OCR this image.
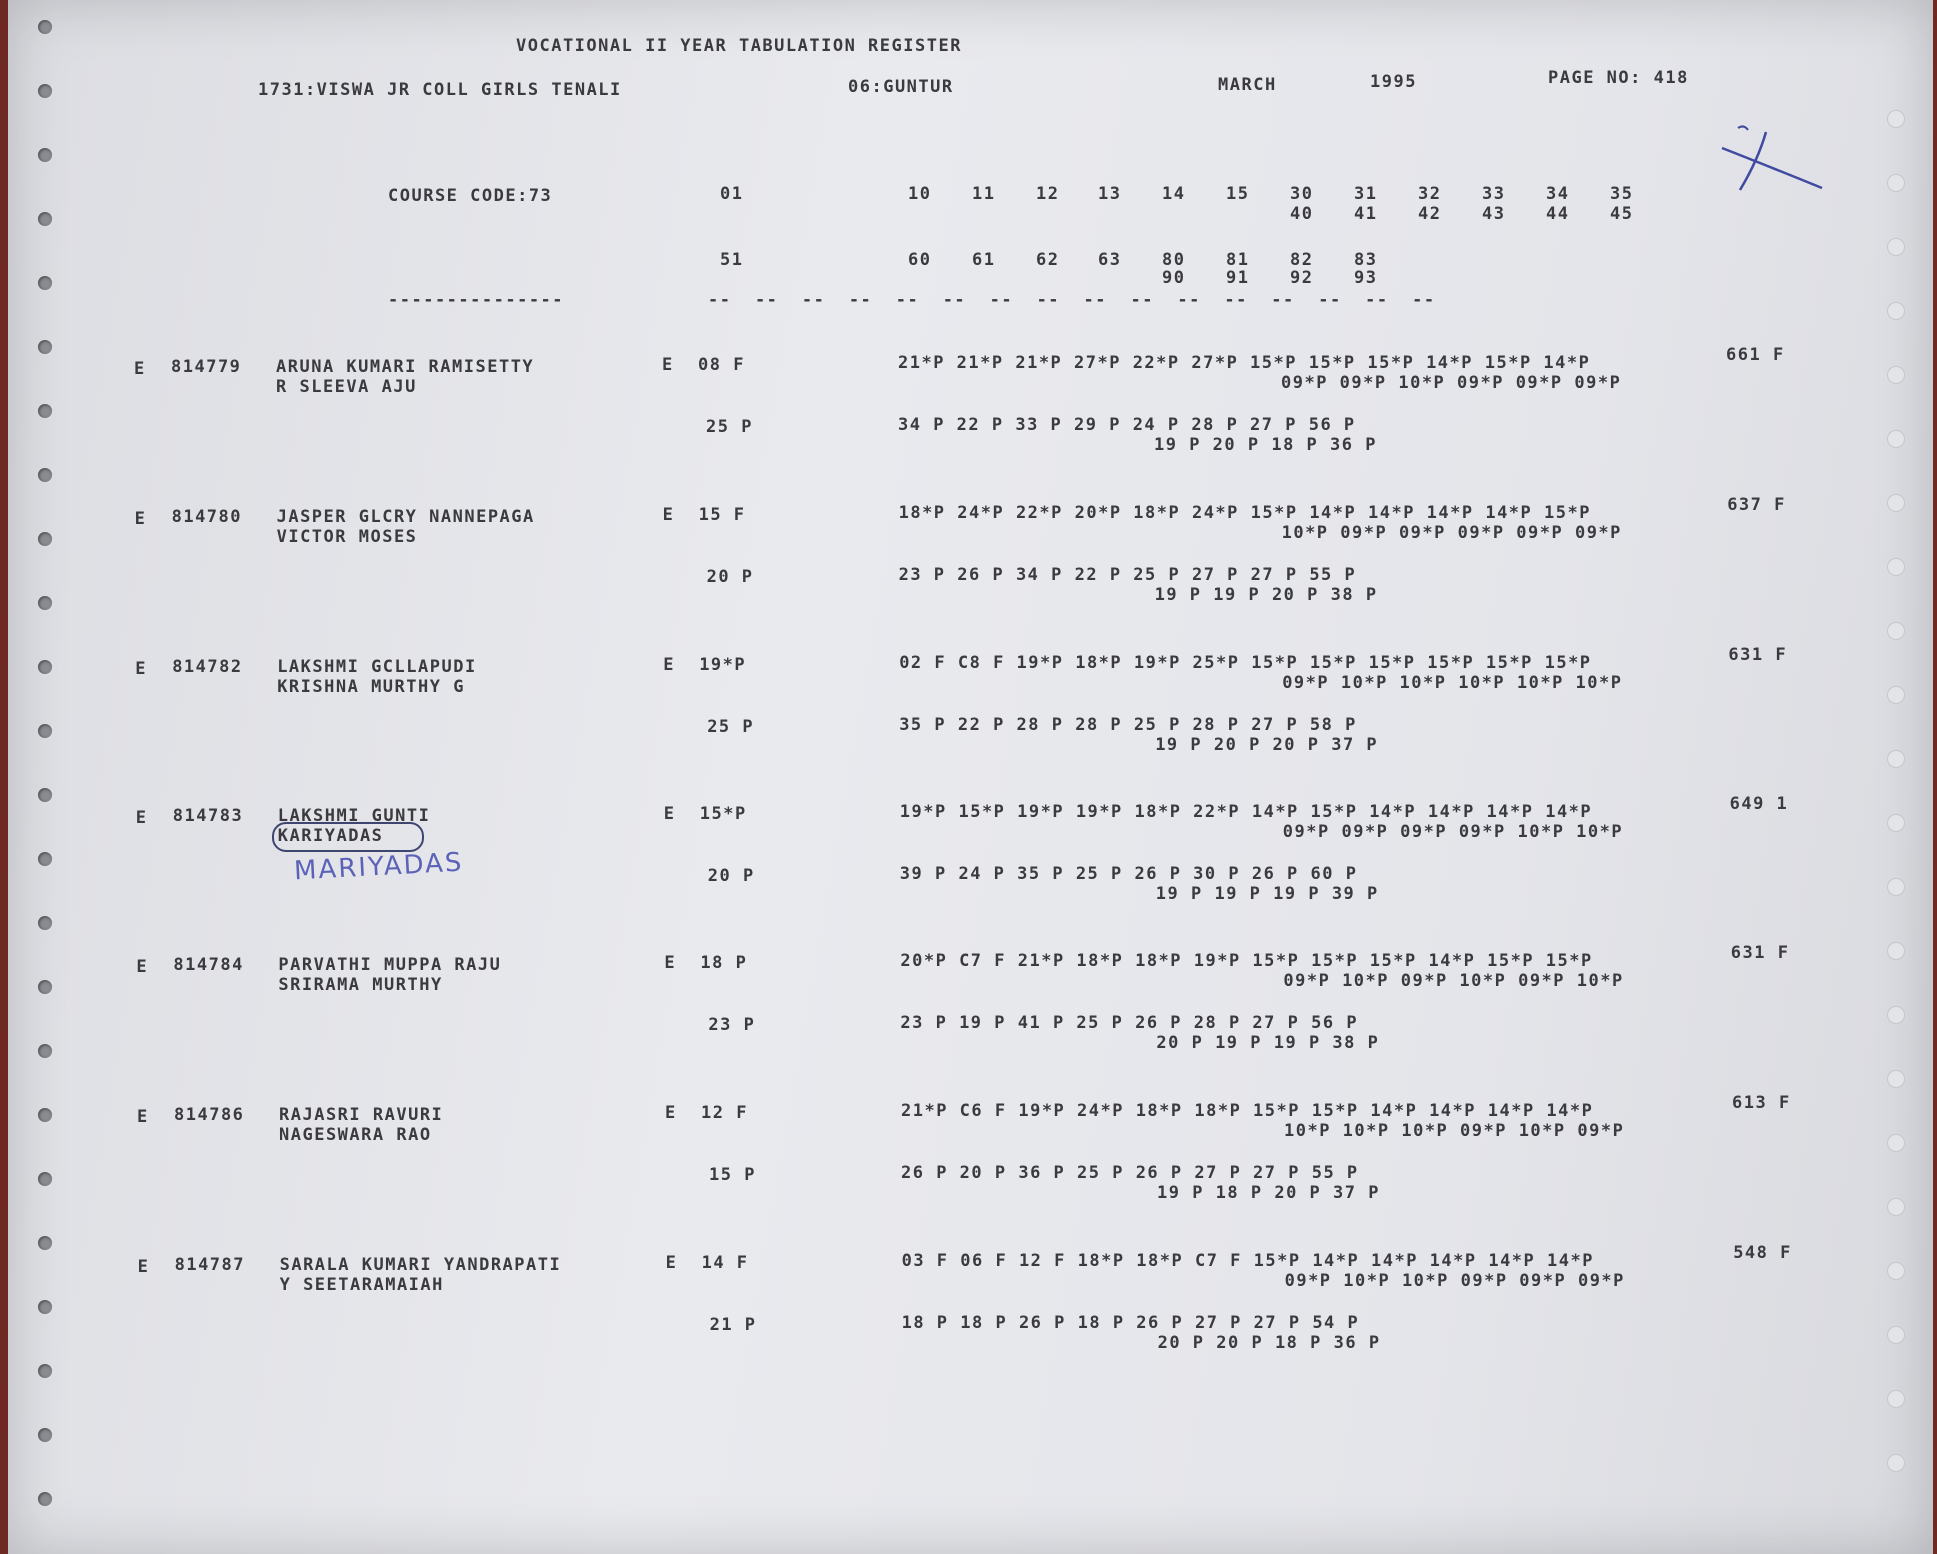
VOCATIONAL II YEAR TABULATION REGISTER
1731:VISWA JR COLL GIRLS TENALI	06:GUNTUR	MARCH	1995	PAGE NO: 418
COURSE CODE:73
---------------	--  --  --  --  --  --  --  --  --  --  --  --  --  --  --  --
01	10 11 12 13 14 15 30 31 32 33 34 35
40 41 42 43 44 45
51	60 61 62 63 80 81 82 83
90 91 92 93
E 814779 ARUNA KUMARI RAMISETTY
R SLEEVA AJU
E 08 F	21*P 21*P 21*P 27*P 22*P 27*P 15*P 15*P 15*P 14*P 15*P 14*P
09*P 09*P 10*P 09*P 09*P 09*P
661 F
25 P	34 P 22 P 33 P 29 P 24 P 28 P 27 P 56 P
19 P 20 P 18 P 36 P
E 814780 JASPER GLCRY NANNEPAGA
VICTOR MOSES
E 15 F	18*P 24*P 22*P 20*P 18*P 24*P 15*P 14*P 14*P 14*P 14*P 15*P
10*P 09*P 09*P 09*P 09*P 09*P
637 F
20 P	23 P 26 P 34 P 22 P 25 P 27 P 27 P 55 P
19 P 19 P 20 P 38 P
E 814782 LAKSHMI GCLLAPUDI
KRISHNA MURTHY G
E 19*P	02 F C8 F 19*P 18*P 19*P 25*P 15*P 15*P 15*P 15*P 15*P 15*P
09*P 10*P 10*P 10*P 10*P 10*P
631 F
25 P	35 P 22 P 28 P 28 P 25 P 28 P 27 P 58 P
19 P 20 P 20 P 37 P
E 814783 LAKSHMI GUNTI
KARIYADAS
E 15*P	19*P 15*P 19*P 19*P 18*P 22*P 14*P 15*P 14*P 14*P 14*P 14*P
09*P 09*P 09*P 09*P 10*P 10*P
649 1
20 P	39 P 24 P 35 P 25 P 26 P 30 P 26 P 60 P
19 P 19 P 19 P 39 P
MARIYADAS
E 814784 PARVATHI MUPPA RAJU
SRIRAMA MURTHY
E 18 P	20*P C7 F 21*P 18*P 18*P 19*P 15*P 15*P 15*P 14*P 15*P 15*P
09*P 10*P 09*P 10*P 09*P 10*P
631 F
23 P	23 P 19 P 41 P 25 P 26 P 28 P 27 P 56 P
20 P 19 P 19 P 38 P
E 814786 RAJASRI RAVURI
NAGESWARA RAO
E 12 F	21*P C6 F 19*P 24*P 18*P 18*P 15*P 15*P 14*P 14*P 14*P 14*P
10*P 10*P 10*P 09*P 10*P 09*P
613 F
15 P	26 P 20 P 36 P 25 P 26 P 27 P 27 P 55 P
19 P 18 P 20 P 37 P
E 814787 SARALA KUMARI YANDRAPATI
Y SEETARAMAIAH
E 14 F	03 F 06 F 12 F 18*P 18*P C7 F 15*P 14*P 14*P 14*P 14*P 14*P
09*P 10*P 10*P 09*P 09*P 09*P
548 F
21 P	18 P 18 P 26 P 18 P 26 P 27 P 27 P 54 P
20 P 20 P 18 P 36 P
